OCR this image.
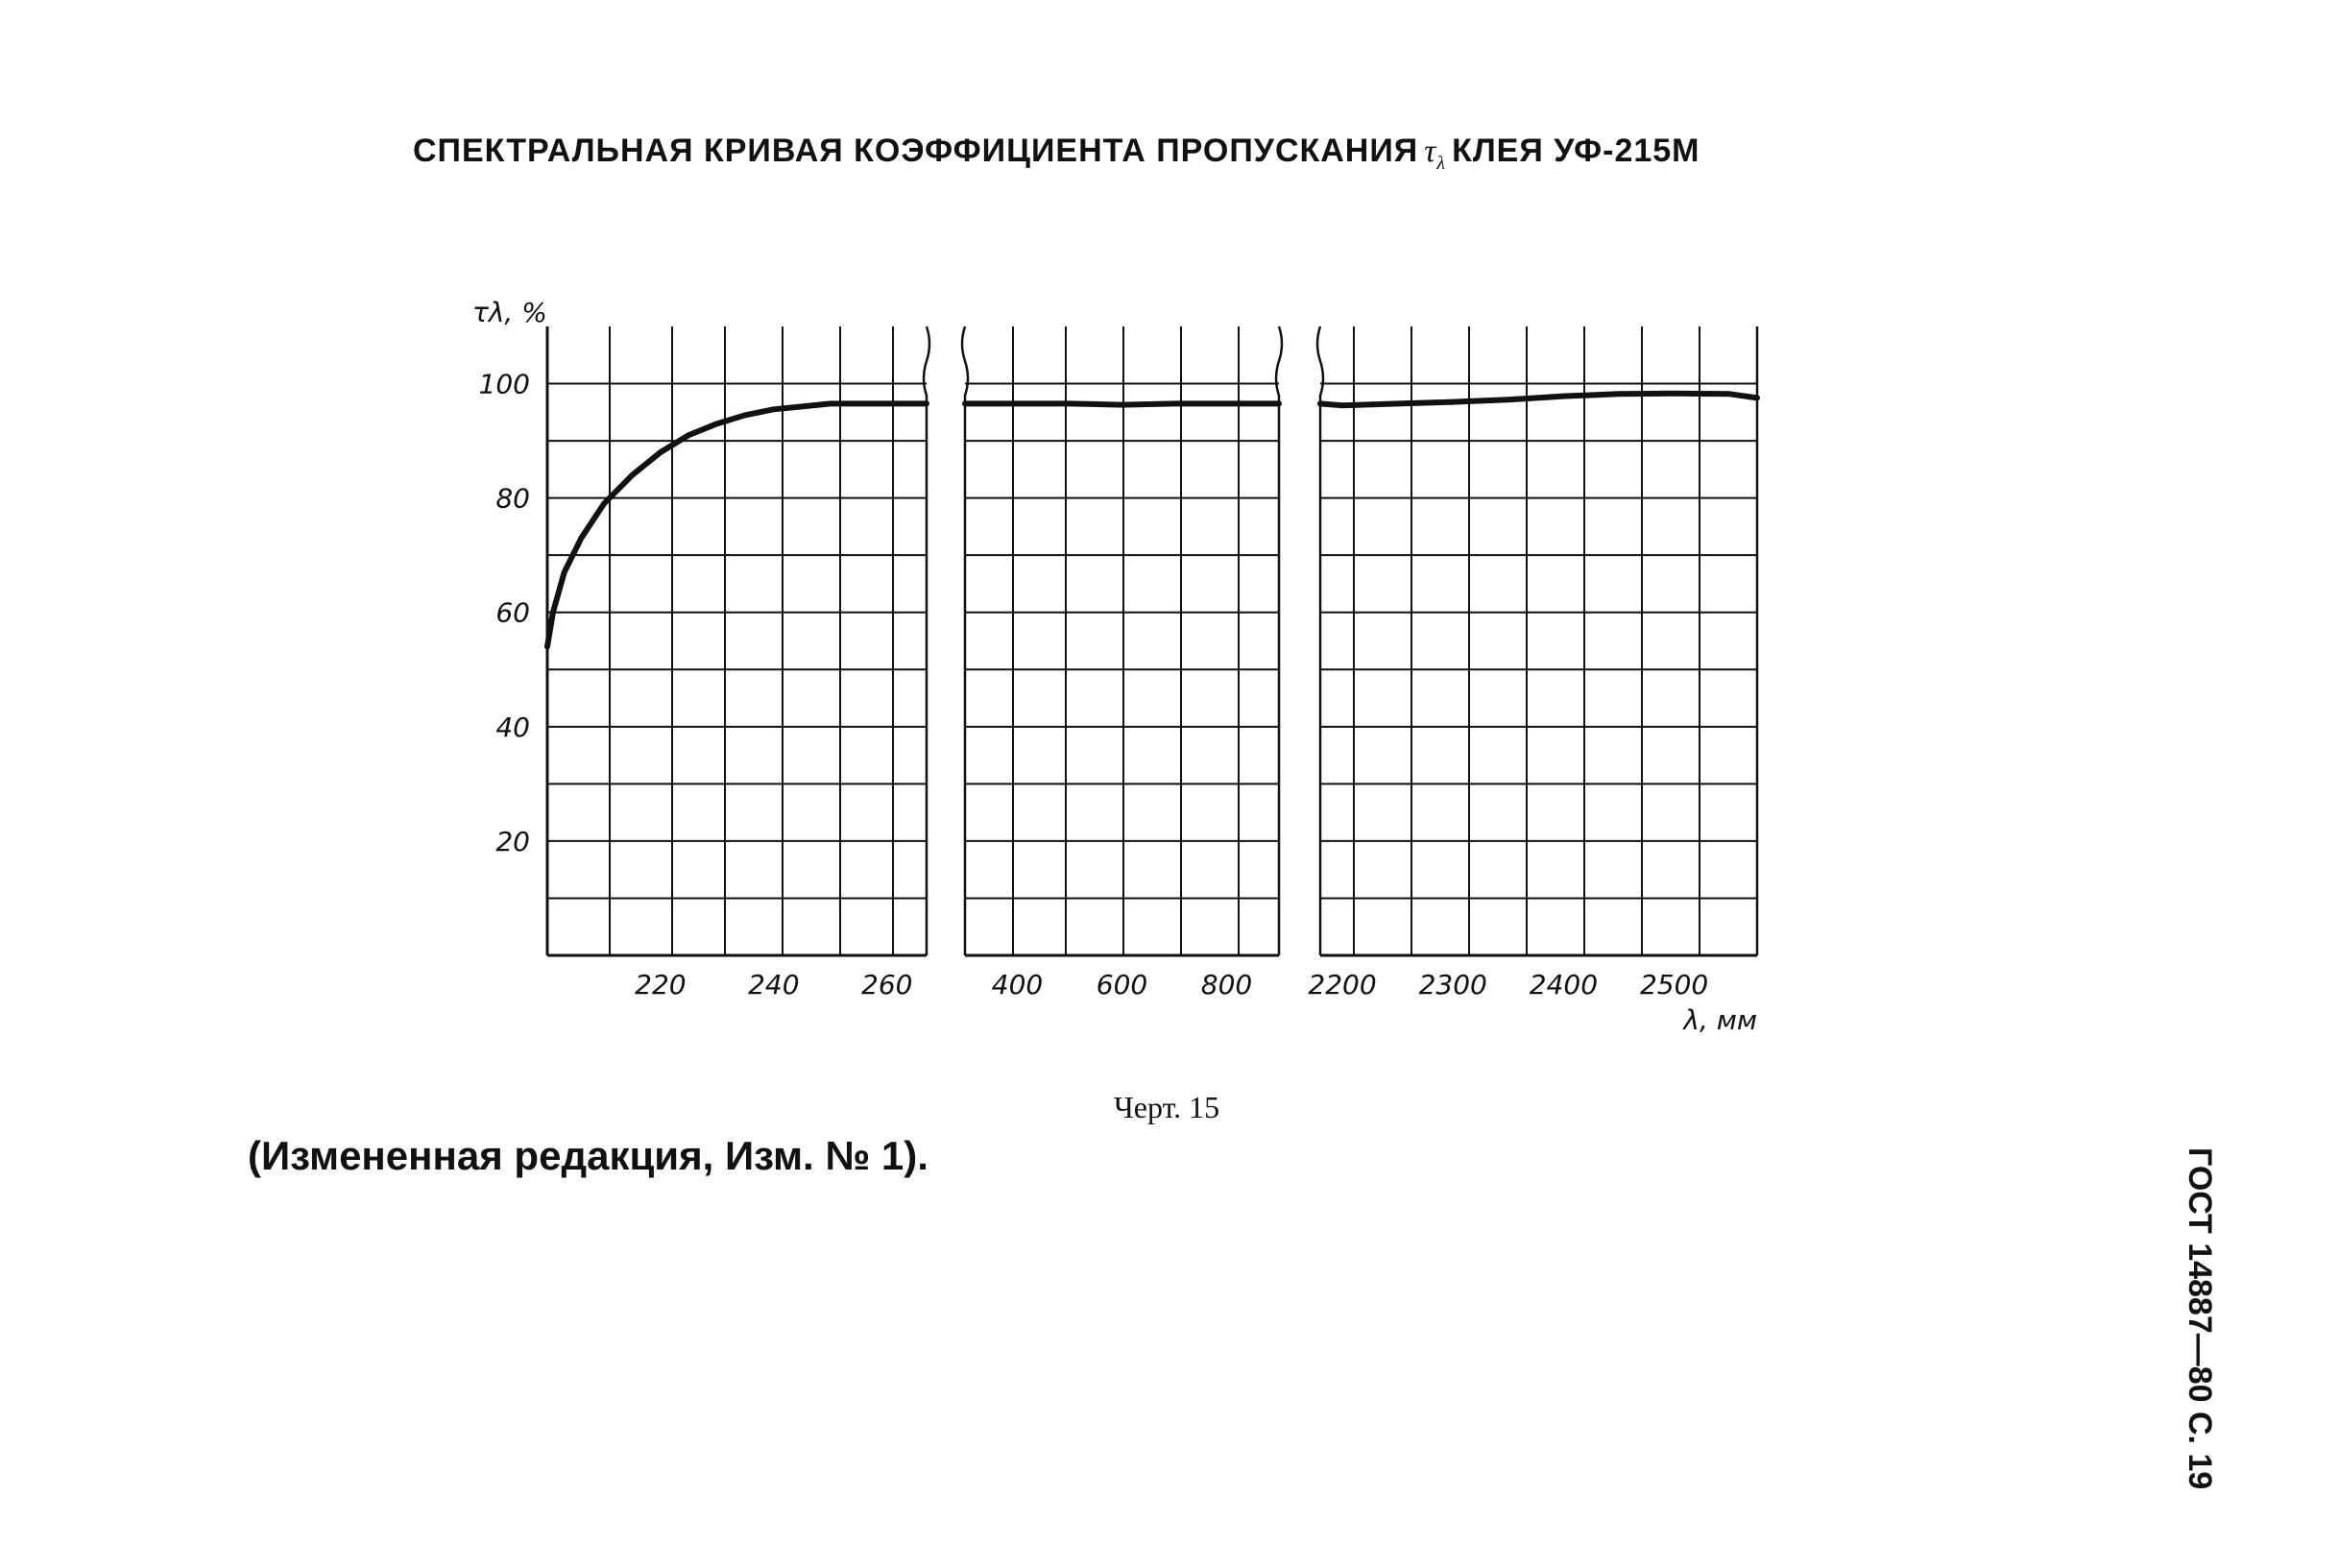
СПЕКТРАЛЬНАЯ КРИВАЯ КОЭФФИЦИЕНТА ПРОПУСКАНИЯ $\tau_\lambda$ КЛЕЯ УФ-215М
220 240 260	400 600 800 2200 2300 2400 2500
100
80
60
40
20
τλ, %
λ, мм
Черт. 15
(Измененная редакция, Изм. № 1).	ГОСТ 14887—80 С. 19
